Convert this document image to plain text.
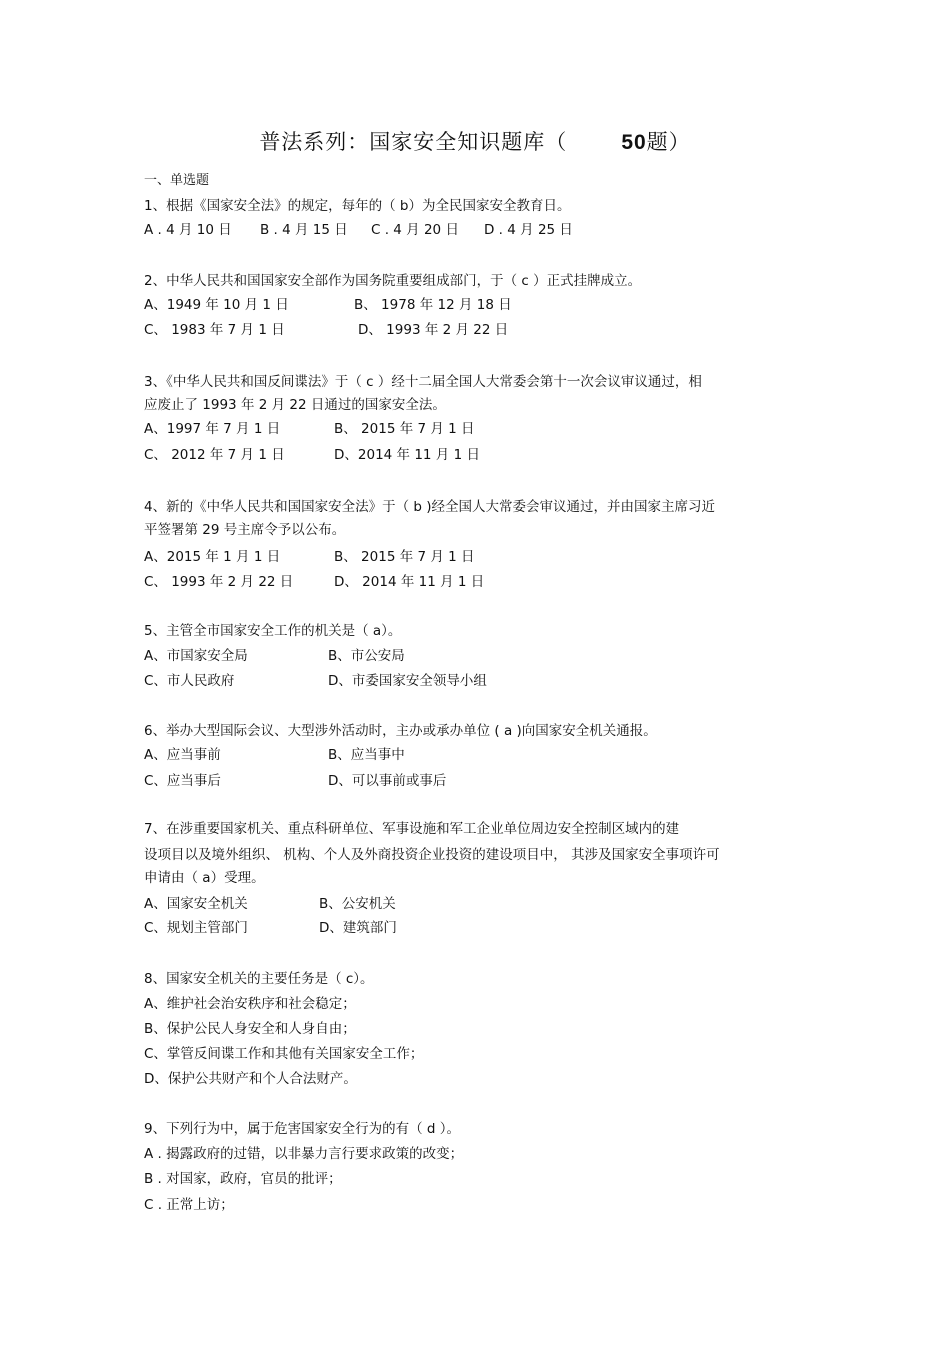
普法系列：国家安全知识题库（	50题）
一、单选题
1、根据《国家安全法》的规定，每年的（ b）为全民国家安全教育日。
A . 4 月 10 日 B . 4 月 15 日 C . 4 月 20 日 D . 4 月 25 日
2、中华人民共和国国家安全部作为国务院重要组成部门，于（ c ）正式挂牌成立。
A、1949 年 10 月 1 日	B、 1978 年 12 月 18 日
C、 1983 年 7 月 1 日	D、 1993 年 2 月 22 日
3、《中华人民共和国反间谍法》于（ c ）经十二届全国人大常委会第十一次会议审议通过，相
应废止了 1993 年 2 月 22 日通过的国家安全法。
A、1997 年 7 月 1 日	B、 2015 年 7 月 1 日
C、 2012 年 7 月 1 日	D、2014 年 11 月 1 日
4、新的《中华人民共和国国家安全法》于（ b )经全国人大常委会审议通过，并由国家主席习近
平签署第 29 号主席令予以公布。
A、2015 年 1 月 1 日	B、 2015 年 7 月 1 日
C、 1993 年 2 月 22 日	D、 2014 年 11 月 1 日
5、主管全市国家安全工作的机关是（ a）。
A、市国家安全局	B、市公安局
C、市人民政府	D、市委国家安全领导小组
6、举办大型国际会议、大型涉外活动时，主办或承办单位 ( a )向国家安全机关通报。
A、应当事前	B、应当事中
C、应当事后	D、可以事前或事后
7、在涉重要国家机关、重点科研单位、军事设施和军工企业单位周边安全控制区域内的建
设项目以及境外组织、 机构、个人及外商投资企业投资的建设项目中， 其涉及国家安全事项许可
申请由（ a）受理。
A、国家安全机关	B、公安机关
C、规划主管部门	D、建筑部门
8、国家安全机关的主要任务是（ c）。
A、维护社会治安秩序和社会稳定；
B、保护公民人身安全和人身自由；
C、掌管反间谍工作和其他有关国家安全工作；
D、保护公共财产和个人合法财产。
9、下列行为中，属于危害国家安全行为的有（ d ）。
A . 揭露政府的过错，以非暴力言行要求政策的改变；
B . 对国家，政府，官员的批评；
C . 正常上访；
